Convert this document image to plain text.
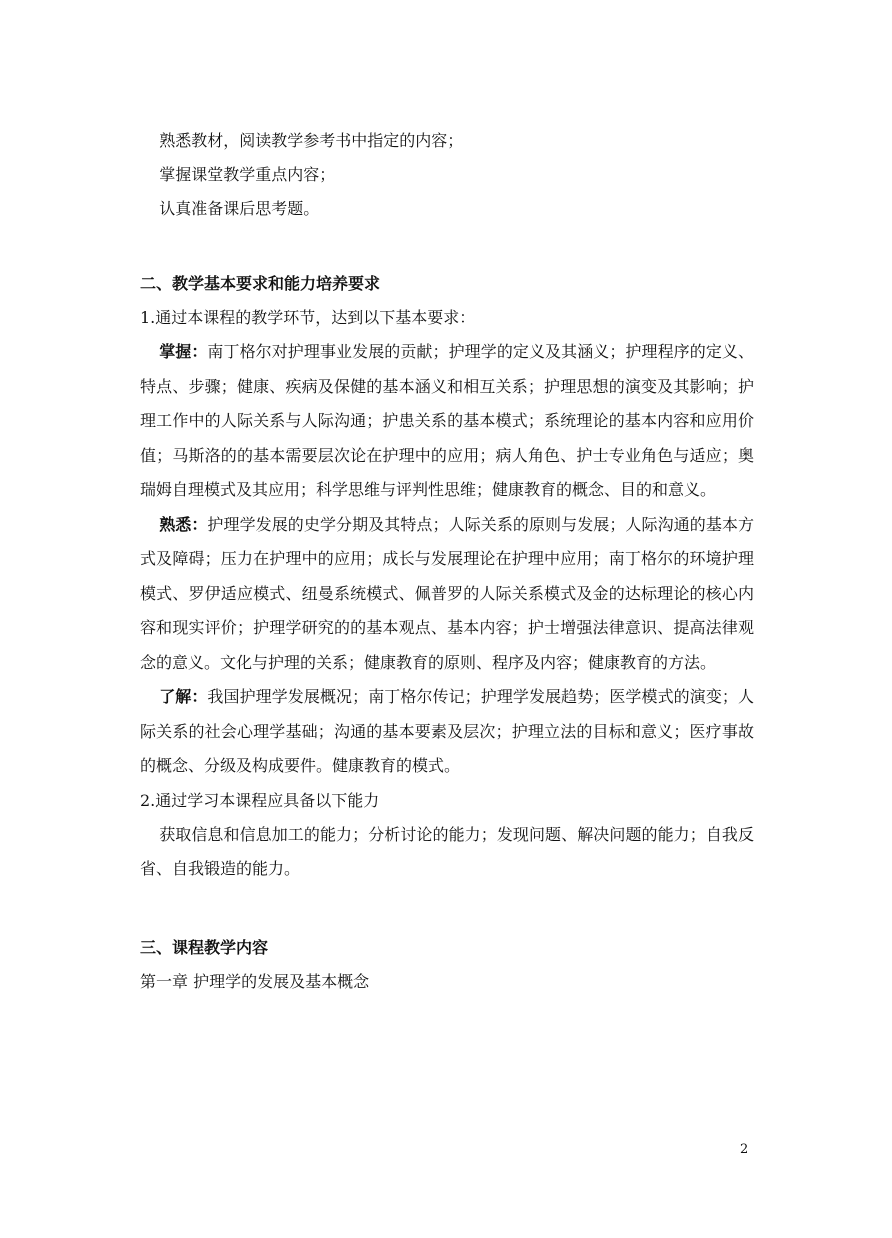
熟悉教材，阅读教学参考书中指定的内容；

掌握课堂教学重点内容；

认真准备课后思考题。

二、教学基本要求和能力培养要求

1.通过本课程的教学环节，达到以下基本要求：

掌握：南丁格尔对护理事业发展的贡献；护理学的定义及其涵义；护理程序的定义、特点、步骤；健康、疾病及保健的基本涵义和相互关系；护理思想的演变及其影响；护理工作中的人际关系与人际沟通；护患关系的基本模式；系统理论的基本内容和应用价值；马斯洛的的基本需要层次论在护理中的应用；病人角色、护士专业角色与适应；奥瑞姆自理模式及其应用；科学思维与评判性思维；健康教育的概念、目的和意义。

熟悉：护理学发展的史学分期及其特点；人际关系的原则与发展；人际沟通的基本方式及障碍；压力在护理中的应用；成长与发展理论在护理中应用；南丁格尔的环境护理模式、罗伊适应模式、纽曼系统模式、佩普罗的人际关系模式及金的达标理论的核心内容和现实评价；护理学研究的的基本观点、基本内容；护士增强法律意识、提高法律观念的意义。文化与护理的关系；健康教育的原则、程序及内容；健康教育的方法。

了解：我国护理学发展概况；南丁格尔传记；护理学发展趋势；医学模式的演变；人际关系的社会心理学基础；沟通的基本要素及层次；护理立法的目标和意义；医疗事故的概念、分级及构成要件。健康教育的模式。

2.通过学习本课程应具备以下能力

获取信息和信息加工的能力；分析讨论的能力；发现问题、解决问题的能力；自我反省、自我锻造的能力。

三、课程教学内容

第一章 护理学的发展及基本概念

2
